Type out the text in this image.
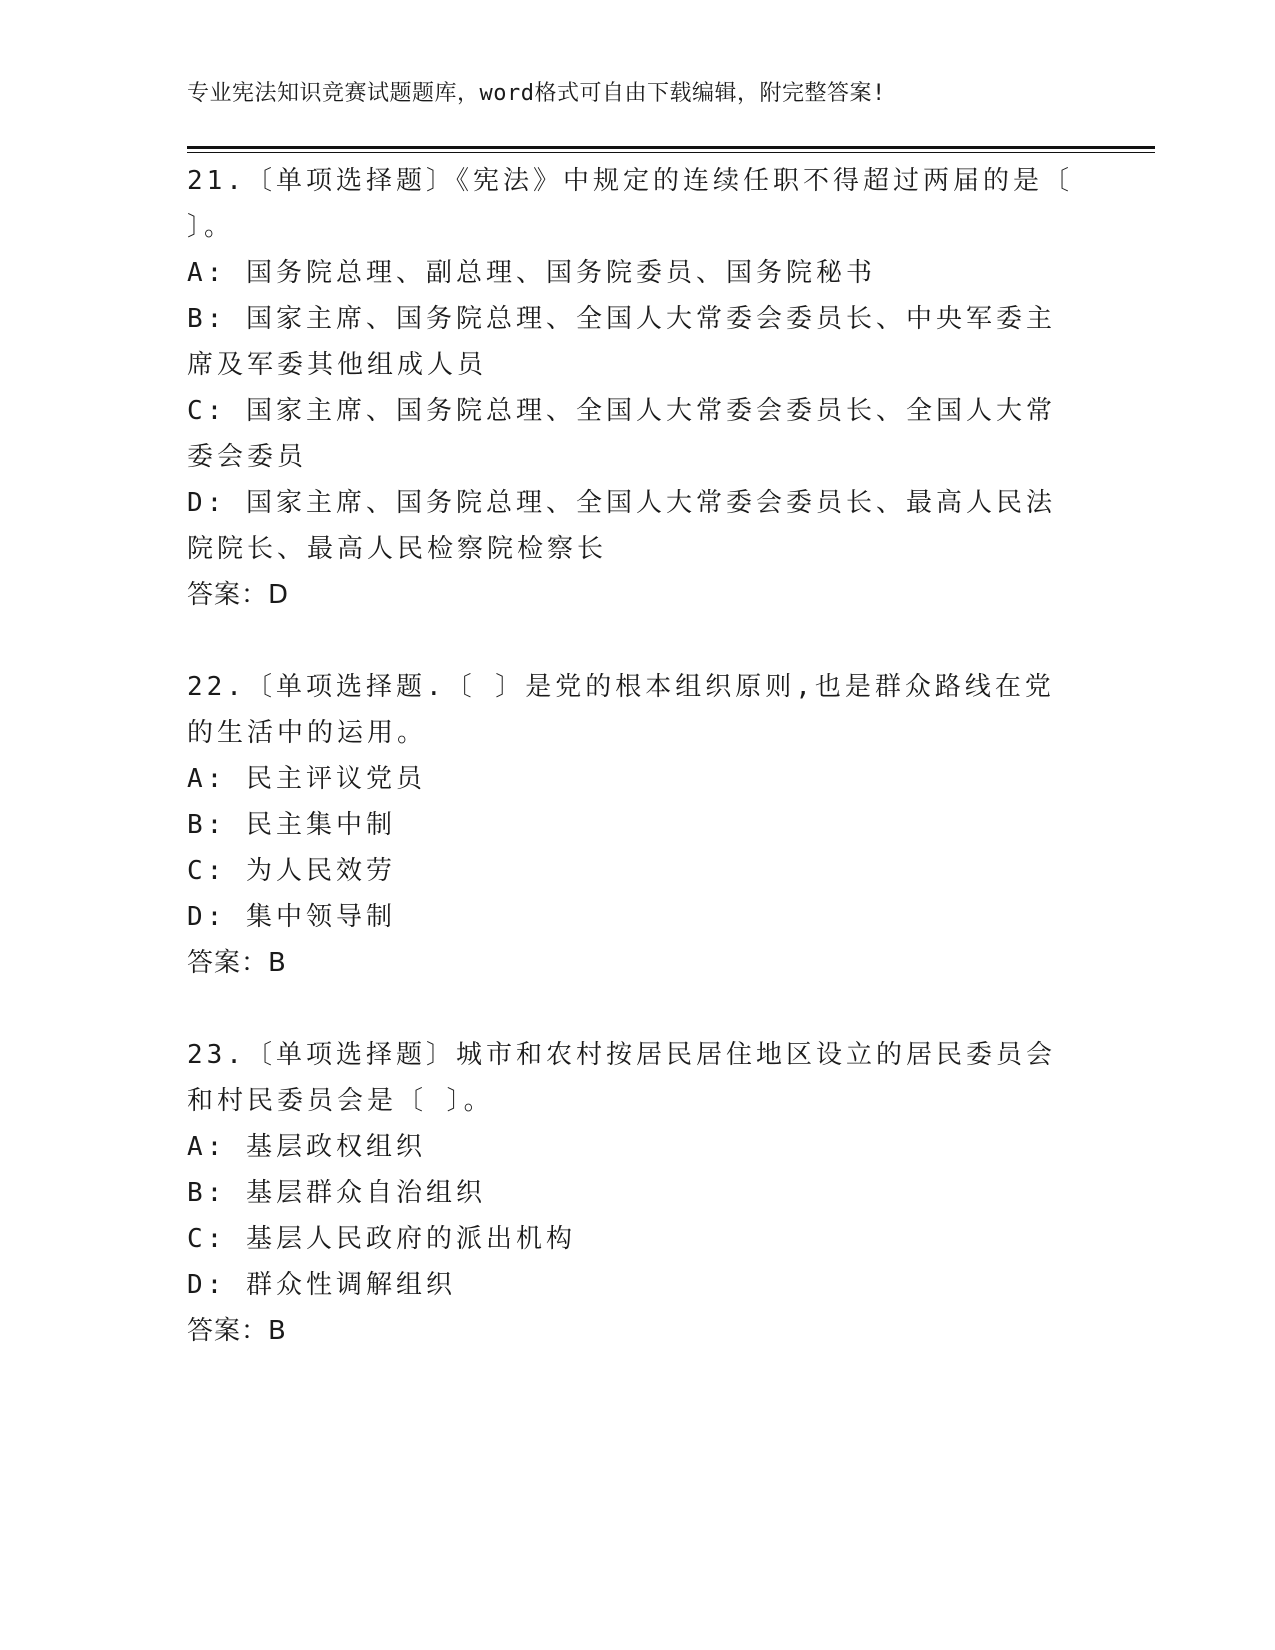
专业宪法知识竞赛试题题库，word格式可自由下载编辑，附完整答案!
21.〔单项选择题〕《宪法》中规定的连续任职不得超过两届的是〔 〕。
A: 国务院总理、副总理、国务院委员、国务院秘书
B: 国家主席、国务院总理、全国人大常委会委员长、中央军委主席及军委其他组成人员
C: 国家主席、国务院总理、全国人大常委会委员长、全国人大常委会委员
D: 国家主席、国务院总理、全国人大常委会委员长、最高人民法院院长、最高人民检察院检察长
答案：D
22.〔单项选择题.〔 〕是党的根本组织原则,也是群众路线在党的生活中的运用。
A: 民主评议党员
B: 民主集中制
C: 为人民效劳
D: 集中领导制
答案：B
23.〔单项选择题〕城市和农村按居民居住地区设立的居民委员会和村民委员会是〔 〕。
A: 基层政权组织
B: 基层群众自治组织
C: 基层人民政府的派出机构
D: 群众性调解组织
答案：B
